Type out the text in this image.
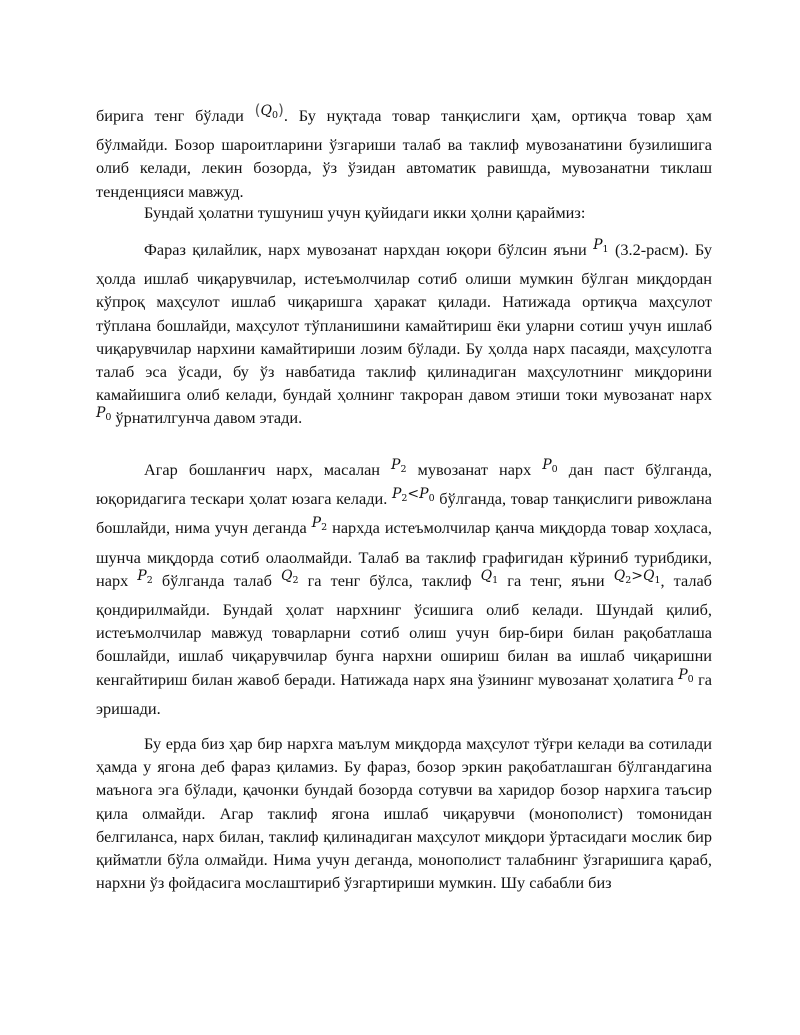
бирига тенг бўлади $(Q_0)$. Бу нуқтада товар танқислиги ҳам, ортиқча товар ҳам бўлмайди. Бозор шароитларини ўзгариши талаб ва таклиф мувозанатини бузилишига олиб келади, лекин бозорда, ўз ўзидан автоматик равишда, мувозанатни тиклаш тенденцияси мавжуд.

Бундай ҳолатни тушуниш учун қуйидаги икки ҳолни қараймиз:

Фараз қилайлик, нарх мувозанат нархдан юқори бўлсин яъни $P_1$ (3.2-расм). Бу ҳолда ишлаб чиқарувчилар, истеъмолчилар сотиб олиши мумкин бўлган миқдордан кўпроқ маҳсулот ишлаб чиқаришга ҳаракат қилади. Натижада ортиқча маҳсулот тўплана бошлайди, маҳсулот тўпланишини камайтириш ёки уларни сотиш учун ишлаб чиқарувчилар нархини камайтириши лозим бўлади. Бу ҳолда нарх пасаяди, маҳсулотга талаб эса ўсади, бу ўз навбатида таклиф қилинадиган маҳсулотнинг миқдорини камайишига олиб келади, бундай ҳолнинг такроран давом этиши токи мувозанат нарх $P_0$ ўрнатилгунча давом этади.

Агар бошланғич нарх, масалан $P_2$ мувозанат нарх $P_0$ дан паст бўлганда, юқоридагига тескари ҳолат юзага келади. $P_2<P_0$ бўлганда, товар танқислиги ривожлана бошлайди, нима учун деганда $P_2$ нархда истеъмолчилар қанча миқдорда товар хоҳласа, шунча миқдорда сотиб олаолмайди. Талаб ва таклиф графигидан кўриниб турибдики, нарх $P_2$ бўлганда талаб $Q_2$ га тенг бўлса, таклиф $Q_1$ га тенг, яъни $Q_2>Q_1$, талаб қондирилмайди. Бундай ҳолат нархнинг ўсишига олиб келади. Шундай қилиб, истеъмолчилар мавжуд товарларни сотиб олиш учун бир-бири билан рақобатлаша бошлайди, ишлаб чиқарувчилар бунга нархни ошириш билан ва ишлаб чиқаришни кенгайтириш билан жавоб беради. Натижада нарх яна ўзининг мувозанат ҳолатига $P_0$ га эришади.

Бу ерда биз ҳар бир нархга маълум миқдорда маҳсулот тўғри келади ва сотилади ҳамда у ягона деб фараз қиламиз. Бу фараз, бозор эркин рақобатлашган бўлгандагина маънога эга бўлади, қачонки бундай бозорда сотувчи ва харидор бозор нархига таъсир қила олмайди. Агар таклиф ягона ишлаб чиқарувчи (монополист) томонидан белгиланса, нарх билан, таклиф қилинадиган маҳсулот миқдори ўртасидаги мослик бир қийматли бўла олмайди. Нима учун деганда, монополист талабнинг ўзгаришига қараб, нархни ўз фойдасига мослаштириб ўзгартириши мумкин. Шу сабабли биз
